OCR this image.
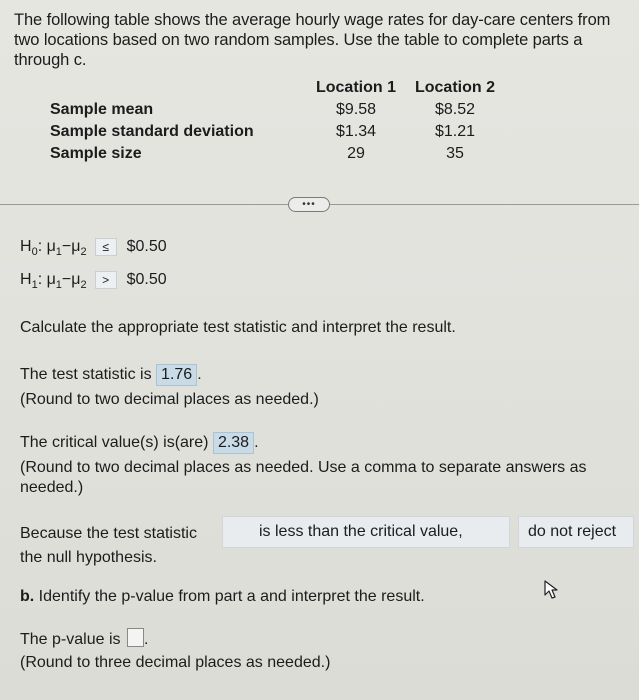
The following table shows the average hourly wage rates for day-care centers from two locations based on two random samples. Use the table to complete parts a through c.
	Location 1	Location 2
Sample mean	$9.58	$8.52
Sample standard deviation	$1.34	$1.21
Sample size	29	35
•••
H 0 : μ 1 − μ 2	≤	$0.50
H 1 : μ 1 − μ 2	>	$0.50
Calculate the appropriate test statistic and interpret the result.
The test statistic is 1.76 .
(Round to two decimal places as needed.)
The critical value(s) is(are) 2.38 .
(Round to two decimal places as needed. Use a comma to separate answers as needed.)
Because the test statistic	is less than the critical value,	do not reject
the null hypothesis.
b. Identify the p-value from part a and interpret the result.
The p-value is .
(Round to three decimal places as needed.)
